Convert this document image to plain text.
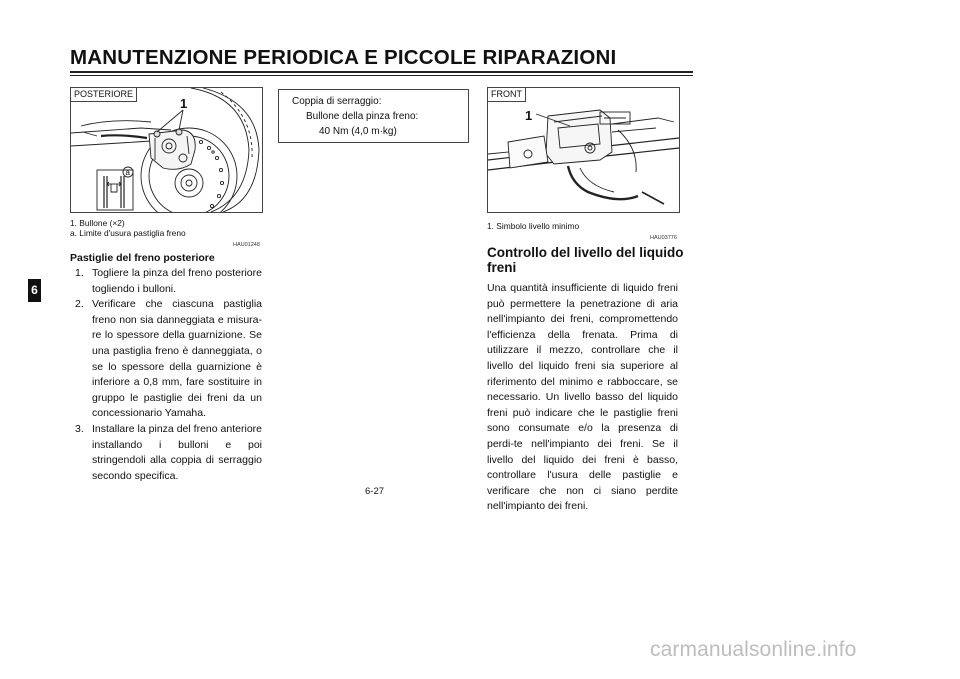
MANUTENZIONE PERIODICA E PICCOLE RIPARAZIONI
6
POSTERIORE
1
a
1. Bullone (×2)
a. Limite d'usura pastiglia freno
HAU01248
Pastiglie del freno posteriore
1. Togliere la pinza del freno posteriore togliendo i bulloni.
2. Verificare che ciascuna pastiglia freno non sia danneggiata e misura-re lo spessore della guarnizione. Se una pastiglia freno è danneggiata, o se lo spessore della guarnizione è inferiore a 0,8 mm, fare sostituire in gruppo le pastiglie dei freni da un concessionario Yamaha.
3. Installare la pinza del freno anteriore installando i bulloni e poi stringendoli alla coppia di serraggio secondo specifica.
Coppia di serraggio:
Bullone della pinza freno:
40 Nm (4,0 m·kg)
FRONT
1
1. Simbolo livello minimo
HAU03776
Controllo del livello del liquido freni

Una quantità insufficiente di liquido freni può permettere la penetrazione di aria nell'impianto dei freni, compromettendo l'efficienza della frenata. Prima di utilizzare il mezzo, controllare che il livello del liquido freni sia superiore al riferimento del minimo e rabboccare, se necessario. Un livello basso del liquido freni può indicare che le pastiglie freni sono consumate e/o la presenza di perdi-te nell'impianto dei freni. Se il livello del liquido dei freni è basso, controllare l'usura delle pastiglie e verificare che non ci siano perdite nell'impianto dei freni.

6-27
carmanualsonline.info
